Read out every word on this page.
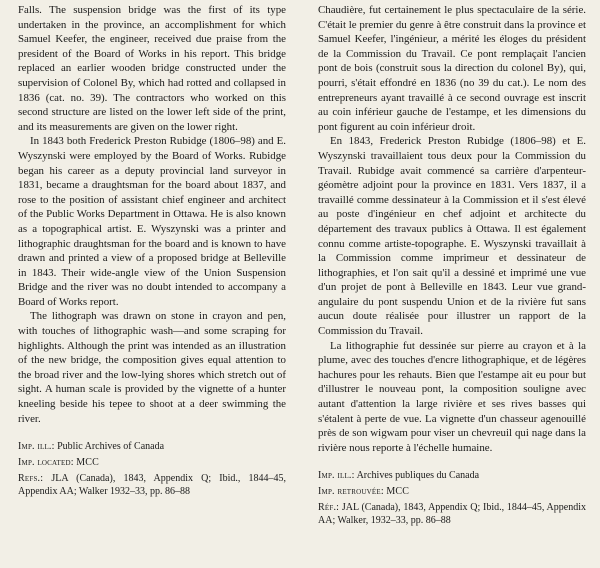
Falls. The suspension bridge was the first of its type undertaken in the province, an accomplishment for which Samuel Keefer, the engineer, received due praise from the president of the Board of Works in his report. This bridge replaced an earlier wooden bridge constructed under the supervision of Colonel By, which had rotted and collapsed in 1836 (cat. no. 39). The contractors who worked on this second structure are listed on the lower left side of the print, and its measurements are given on the lower right.

In 1843 both Frederick Preston Rubidge (1806–98) and E. Wyszynski were employed by the Board of Works. Rubidge began his career as a deputy provincial land surveyor in 1831, became a draughtsman for the board about 1837, and rose to the position of assistant chief engineer and architect of the Public Works Department in Ottawa. He is also known as a topographical artist. E. Wyszynski was a printer and lithographic draughtsman for the board and is known to have drawn and printed a view of a proposed bridge at Belleville in 1843. Their wide-angle view of the Union Suspension Bridge and the river was no doubt intended to accompany a Board of Works report.

The lithograph was drawn on stone in crayon and pen, with touches of lithographic wash—and some scraping for highlights. Although the print was intended as an illustration of the new bridge, the composition gives equal attention to the broad river and the low-lying shores which stretch out of sight. A human scale is provided by the vignette of a hunter kneeling beside his tepee to shoot at a deer swimming the river.

Imp. ill.: Public Archives of Canada
Imp. located: MCC
Refs.: JLA (Canada), 1843, Appendix Q; Ibid., 1844–45, Appendix AA; Walker 1932–33, pp. 86–88

Chaudière, fut certainement le plus spectaculaire de la série. C'était le premier du genre à être construit dans la province et Samuel Keefer, l'ingénieur, a mérité les éloges du président de la Commission du Travail. Ce pont remplaçait l'ancien pont de bois (construit sous la direction du colonel By), qui, pourri, s'était effondré en 1836 (no 39 du cat.). Le nom des entrepreneurs ayant travaillé à ce second ouvrage est inscrit au coin inférieur gauche de l'estampe, et les dimensions du pont figurent au coin inférieur droit.

En 1843, Frederick Preston Rubidge (1806–98) et E. Wyszynski travaillaient tous deux pour la Commission du Travail. Rubidge avait commencé sa carrière d'arpenteur-géomètre adjoint pour la province en 1831. Vers 1837, il a travaillé comme dessinateur à la Commission et il s'est élevé au poste d'ingénieur en chef adjoint et architecte du département des travaux publics à Ottawa. Il est également connu comme artiste-topographe. E. Wyszynski travaillait à la Commission comme imprimeur et dessinateur de lithographies, et l'on sait qu'il a dessiné et imprimé une vue d'un projet de pont à Belleville en 1843. Leur vue grand-angulaire du pont suspendu Union et de la rivière fut sans aucun doute réalisée pour illustrer un rapport de la Commission du Travail.

La lithographie fut dessinée sur pierre au crayon et à la plume, avec des touches d'encre lithographique, et de légères hachures pour les rehauts. Bien que l'estampe ait eu pour but d'illustrer le nouveau pont, la composition souligne avec autant d'attention la large rivière et ses rives basses qui s'étalent à perte de vue. La vignette d'un chasseur agenouillé près de son wigwam pour viser un chevreuil qui nage dans la rivière nous reporte à l'échelle humaine.

Imp. ill.: Archives publiques du Canada
Imp. retrouvée: MCC
Réf.: JAL (Canada), 1843, Appendix Q; Ibid., 1844–45, Appendix AA; Walker, 1932–33, pp. 86–88
